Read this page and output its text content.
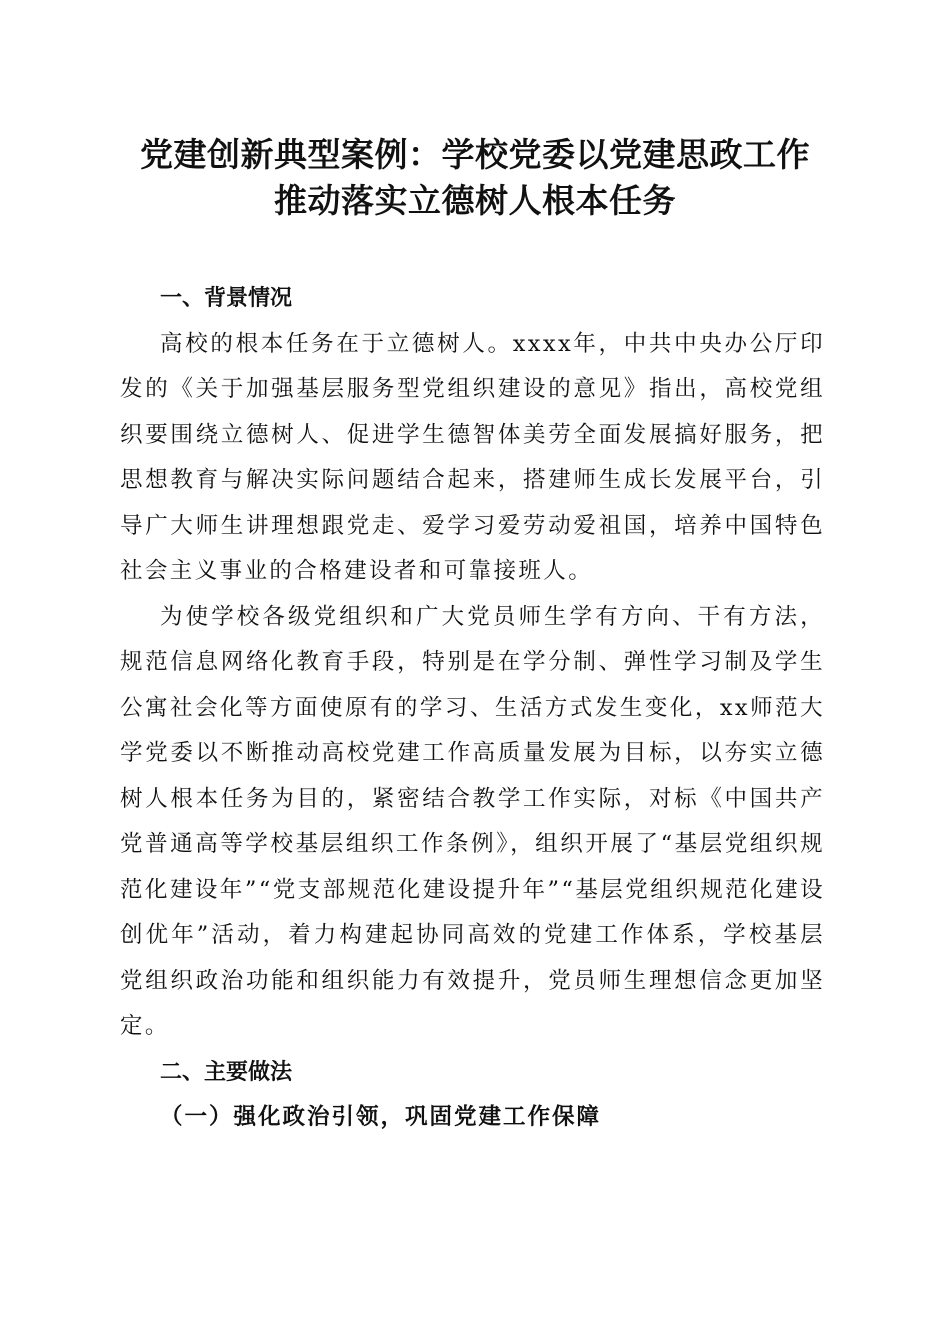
党建创新典型案例：学校党委以党建思政工作
推动落实立德树人根本任务
一、背景情况

高校的根本任务在于立德树人。xxxx年，中共中央办公厅印发的《关于加强基层服务型党组织建设的意见》指出，高校党组织要围绕立德树人、促进学生德智体美劳全面发展搞好服务，把思想教育与解决实际问题结合起来，搭建师生成长发展平台，引导广大师生讲理想跟党走、爱学习爱劳动爱祖国，培养中国特色社会主义事业的合格建设者和可靠接班人。

为使学校各级党组织和广大党员师生学有方向、干有方法，规范信息网络化教育手段，特别是在学分制、弹性学习制及学生公寓社会化等方面使原有的学习、生活方式发生变化，xx师范大学党委以不断推动高校党建工作高质量发展为目标，以夯实立德树人根本任务为目的，紧密结合教学工作实际，对标《中国共产党普通高等学校基层组织工作条例》，组织开展了“基层党组织规范化建设年”“党支部规范化建设提升年”“基层党组织规范化建设创优年”活动，着力构建起协同高效的党建工作体系，学校基层党组织政治功能和组织能力有效提升，党员师生理想信念更加坚定。

二、主要做法
（一）强化政治引领，巩固党建工作保障
